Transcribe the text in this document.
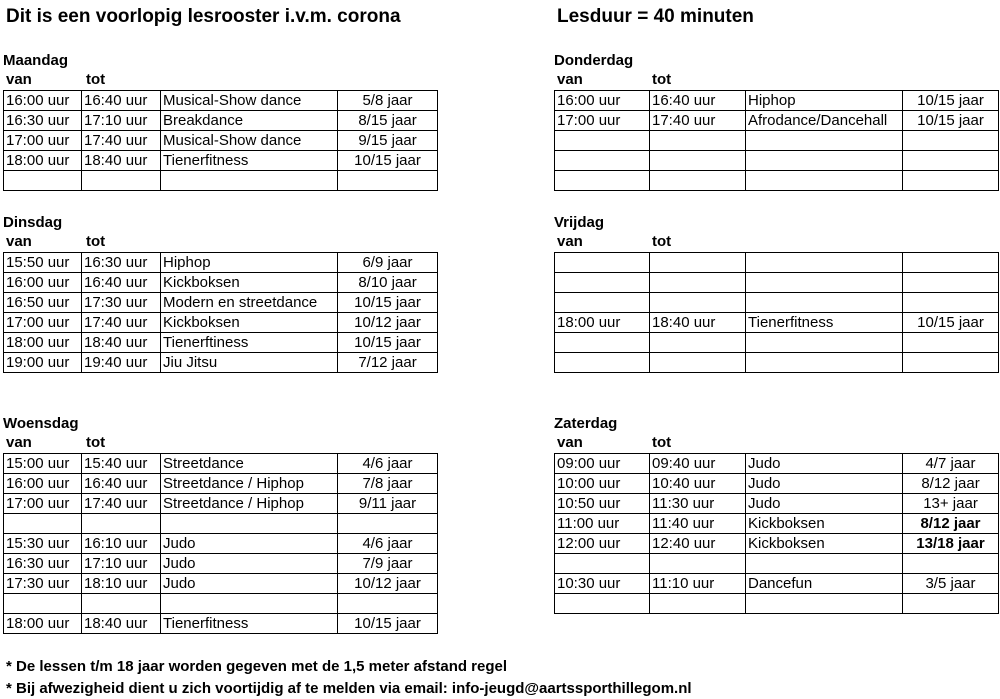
Dit is een voorlopig lesrooster i.v.m. corona	Lesduur = 40 minuten
Maandag
van	tot
16:00 uur	16:40 uur	Musical-Show dance	5/8 jaar
16:30 uur	17:10 uur	Breakdance	8/15 jaar
17:00 uur	17:40 uur	Musical-Show dance	9/15 jaar
18:00 uur	18:40 uur	Tienerfitness	10/15 jaar

Dinsdag
van	tot
15:50 uur	16:30 uur	Hiphop	6/9 jaar
16:00 uur	16:40 uur	Kickboksen	8/10 jaar
16:50 uur	17:30 uur	Modern en streetdance	10/15 jaar
17:00 uur	17:40 uur	Kickboksen	10/12 jaar
18:00 uur	18:40 uur	Tienerftiness	10/15 jaar
19:00 uur	19:40 uur	Jiu Jitsu	7/12 jaar
Woensdag
van	tot
15:00 uur	15:40 uur	Streetdance	4/6 jaar
16:00 uur	16:40 uur	Streetdance / Hiphop	7/8 jaar
17:00 uur	17:40 uur	Streetdance / Hiphop	9/11 jaar

15:30 uur	16:10 uur	Judo	4/6 jaar
16:30 uur	17:10 uur	Judo	7/9 jaar
17:30 uur	18:10 uur	Judo	10/12 jaar

18:00 uur	18:40 uur	Tienerfitness	10/15 jaar
Donderdag
van	tot
16:00 uur	16:40 uur	Hiphop	10/15 jaar
17:00 uur	17:40 uur	Afrodance/Dancehall	10/15 jaar

Vrijdag
van	tot

18:00 uur	18:40 uur	Tienerfitness	10/15 jaar

Zaterdag
van	tot
09:00 uur	09:40 uur	Judo	4/7 jaar
10:00 uur	10:40 uur	Judo	8/12 jaar
10:50 uur	11:30 uur	Judo	13+ jaar
11:00 uur	11:40 uur	Kickboksen	8/12 jaar
12:00 uur	12:40 uur	Kickboksen	13/18 jaar

10:30 uur	11:10 uur	Dancefun	3/5 jaar

* De lessen t/m 18 jaar worden gegeven met de 1,5 meter afstand regel
* Bij afwezigheid dient u zich voortijdig af te melden via email: info-jeugd@aartssporthillegom.nl
